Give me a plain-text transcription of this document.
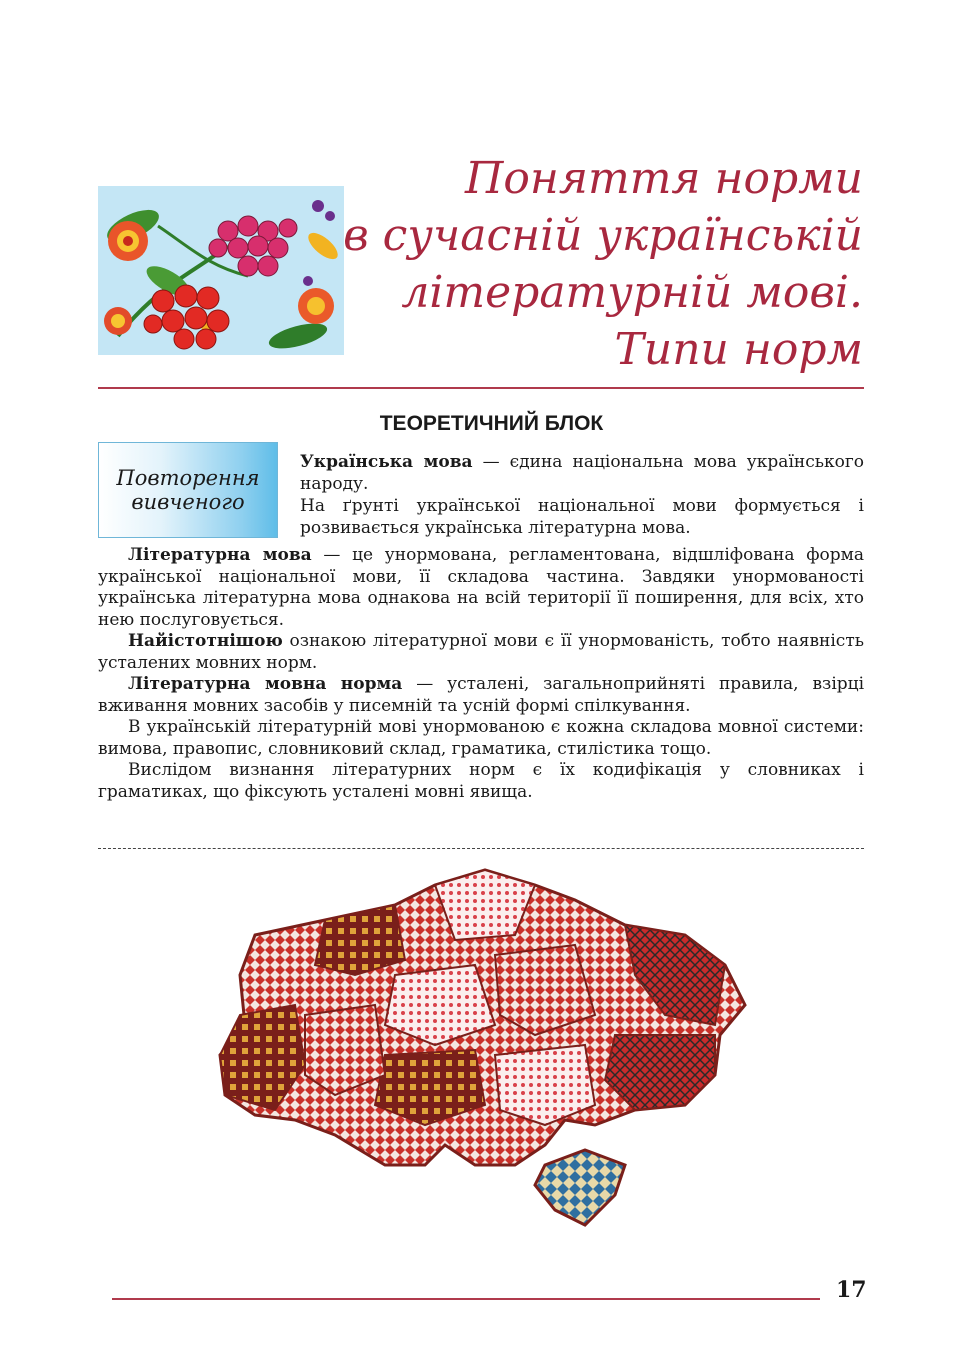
Поняття норми
в сучасній українській
літературній мові.
Типи норм
ТЕОРЕТИЧНИЙ БЛОК
Повторення
вивченого

Українська мова — єдина національна мова українського народу.

На ґрунті української національної мови формується і розвивається українська літературна мова.

Літературна мова — це унормована, регламентована, відшліфована форма української національної мови, її складова частина. Завдяки унормованості українська літературна мова однакова на всій території її поширення, для всіх, хто нею послуговується.

Найістотнішою ознакою літературної мови є її унормованість, тобто наявність усталених мовних норм.

Літературна мовна норма — усталені, загальноприйняті правила, взірці вживання мовних засобів у писемній та усній формі спілкування.

В українській літературній мові унормованою є кожна складова мовної системи: вимова, правопис, словниковий склад, граматика, стилістика тощо.

Вислідом визнання літературних норм є їх кодифікація у словниках і граматиках, що фіксують усталені мовні явища.

17
